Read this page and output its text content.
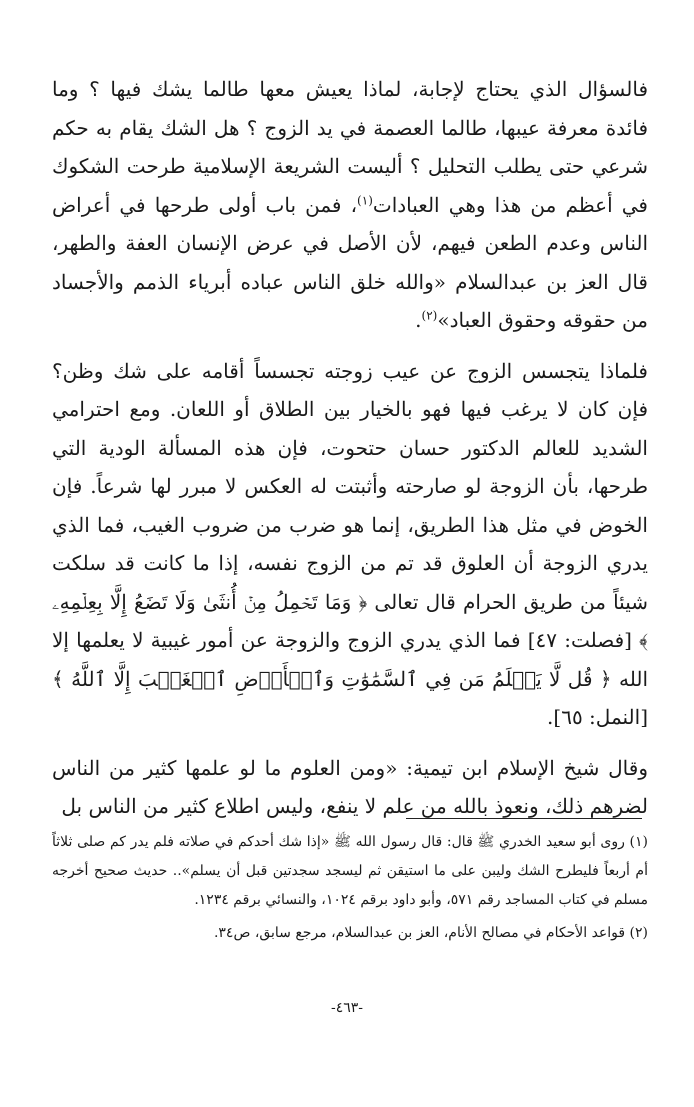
فالسؤال الذي يحتاج لإجابة، لماذا يعيش معها طالما يشك فيها ؟ وما فائدة معرفة عيبها، طالما العصمة في يد الزوج ؟ هل الشك يقام به حكم شرعي حتى يطلب التحليل ؟ أليست الشريعة الإسلامية طرحت الشكوك في أعظم من هذا وهي العبادات$^{(١)}$، فمن باب أولى طرحها في أعراض الناس وعدم الطعن فيهم، لأن الأصل في عرض الإنسان العفة والطهر، قال العز بن عبدالسلام «والله خلق الناس عباده أبرياء الذمم والأجساد من حقوقه وحقوق العباد»$^{(٢)}$.

فلماذا يتجسس الزوج عن عيب زوجته تجسساً أقامه على شك وظن؟ فإن كان لا يرغب فيها فهو بالخيار بين الطلاق أو اللعان. ومع احترامي الشديد للعالم الدكتور حسان حتحوت، فإن هذه المسألة الودية التي طرحها، بأن الزوجة لو صارحته وأثبتت له العكس لا مبرر لها شرعاً. فإن الخوض في مثل هذا الطريق، إنما هو ضرب من ضروب الغيب، فما الذي يدري الزوجة أن العلوق قد تم من الزوج نفسه، إذا ما كانت قد سلكت شيئاً من طريق الحرام قال تعالى ﴿ وَمَا تَحۡمِلُ مِنۡ أُنثَىٰ وَلَا تَضَعُ إِلَّا بِعِلۡمِهِۦ ﴾ [فصلت: ٤٧] فما الذي يدري الزوج والزوجة عن أمور غيبية لا يعلمها إلا الله ﴿ قُل لَّا يَعۡلَمُ مَن فِي ٱلسَّمَٰوَٰتِ وَٱلۡأَرۡضِ ٱلۡغَيۡبَ إِلَّا ٱللَّهُ ﴾ [النمل: ٦٥].

وقال شيخ الإسلام ابن تيمية: «ومن العلوم ما لو علمها كثير من الناس لضرهم ذلك، ونعوذ بالله من علم لا ينفع، وليس اطلاع كثير من الناس بل

(١) روى أبو سعيد الخدري ﷺ قال: قال رسول الله ﷺ «إذا شك أحدكم في صلاته فلم يدر كم صلى ثلاثاً أم أربعاً فليطرح الشك وليبن على ما استيقن ثم ليسجد سجدتين قبل أن يسلم».. حديث صحيح أخرجه مسلم في كتاب المساجد رقم ٥٧١، وأبو داود برقم ١٠٢٤، والنسائي برقم ١٢٣٤.

(٢) قواعد الأحكام في مصالح الأنام، العز بن عبدالسلام، مرجع سابق، ص٣٤.

-٤٦٣-
